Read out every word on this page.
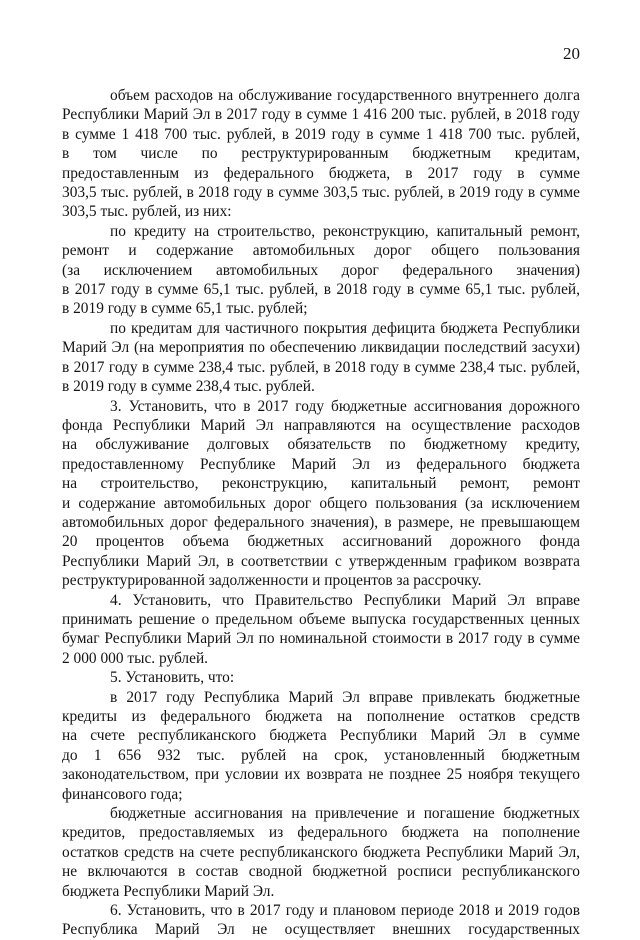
20
объем расходов на обслуживание государственного внутреннего долга
Республики Марий Эл в 2017 году в сумме 1 416 200 тыс. рублей, в 2018 году
в сумме 1 418 700 тыс. рублей, в 2019 году в сумме 1 418 700 тыс. рублей,
в том числе по реструктурированным бюджетным кредитам,
предоставленным из федерального бюджета, в 2017 году в сумме
303,5 тыс. рублей, в 2018 году в сумме 303,5 тыс. рублей, в 2019 году в сумме
303,5 тыс. рублей, из них:
по кредиту на строительство, реконструкцию, капитальный ремонт,
ремонт и содержание автомобильных дорог общего пользования
(за исключением автомобильных дорог федерального значения)
в 2017 году в сумме 65,1 тыс. рублей, в 2018 году в сумме 65,1 тыс. рублей,
в 2019 году в сумме 65,1 тыс. рублей;
по кредитам для частичного покрытия дефицита бюджета Республики
Марий Эл (на мероприятия по обеспечению ликвидации последствий засухи)
в 2017 году в сумме 238,4 тыс. рублей, в 2018 году в сумме 238,4 тыс. рублей,
в 2019 году в сумме 238,4 тыс. рублей.
3. Установить, что в 2017 году бюджетные ассигнования дорожного
фонда Республики Марий Эл направляются на осуществление расходов
на обслуживание долговых обязательств по бюджетному кредиту,
предоставленному Республике Марий Эл из федерального бюджета
на строительство, реконструкцию, капитальный ремонт, ремонт
и содержание автомобильных дорог общего пользования (за исключением
автомобильных дорог федерального значения), в размере, не превышающем
20 процентов объема бюджетных ассигнований дорожного фонда
Республики Марий Эл, в соответствии с утвержденным графиком возврата
реструктурированной задолженности и процентов за рассрочку.
4. Установить, что Правительство Республики Марий Эл вправе
принимать решение о предельном объеме выпуска государственных ценных
бумаг Республики Марий Эл по номинальной стоимости в 2017 году в сумме
2 000 000 тыс. рублей.
5. Установить, что:
в 2017 году Республика Марий Эл вправе привлекать бюджетные
кредиты из федерального бюджета на пополнение остатков средств
на счете республиканского бюджета Республики Марий Эл в сумме
до 1 656 932 тыс. рублей на срок, установленный бюджетным
законодательством, при условии их возврата не позднее 25 ноября текущего
финансового года;
бюджетные ассигнования на привлечение и погашение бюджетных
кредитов, предоставляемых из федерального бюджета на пополнение
остатков средств на счете республиканского бюджета Республики Марий Эл,
не включаются в состав сводной бюджетной росписи республиканского
бюджета Республики Марий Эл.
6. Установить, что в 2017 году и плановом периоде 2018 и 2019 годов
Республика Марий Эл не осуществляет внешних государственных
